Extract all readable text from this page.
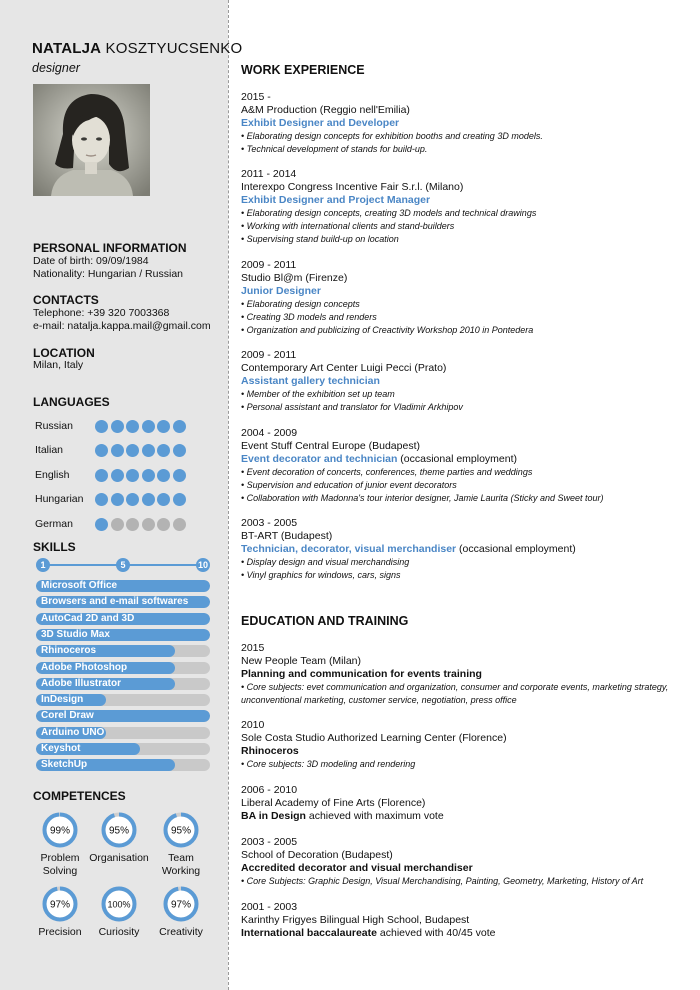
NATALJA KOSZTYUCSENKO
designer
PERSONAL INFORMATION
Date of birth: 09/09/1984
Nationality: Hungarian / Russian
CONTACTS
Telephone: +39 320 7003368
e-mail: natalja.kappa.mail@gmail.com
LOCATION
Milan, Italy
LANGUAGES
Russian
Italian
English
Hungarian
German
SKILLS
1	5	10
Microsoft Office
Browsers and e-mail softwares
AutoCad 2D and 3D
3D Studio Max
Rhinoceros
Adobe Photoshop
Adobe Illustrator
InDesign
Corel Draw
Arduino UNO
Keyshot
SketchUp
COMPETENCES
99%
Problem
Solving
95%
Organisation
95%
Team
Working
97%
Precision
100%
Curiosity
97%
Creativity
WORK EXPERIENCE
2015 -
A&M Production (Reggio nell'Emilia)
Exhibit Designer and Developer
• Elaborating design concepts for exhibition booths and creating 3D models.
• Technical development of stands for build-up.
2011 - 2014
Interexpo Congress Incentive Fair S.r.l. (Milano)
Exhibit Designer and Project Manager
• Elaborating design concepts, creating 3D models and technical drawings
• Working with international clients and stand-builders
• Supervising stand build-up on location
2009 - 2011
Studio Bl@m (Firenze)
Junior Designer
• Elaborating design concepts
• Creating 3D models and renders
• Organization and publicizing of Creactivity Workshop 2010 in Pontedera
2009 - 2011
Contemporary Art Center Luigi Pecci (Prato)
Assistant gallery technician
• Member of the exhibition set up team
• Personal assistant and translator for Vladimir Arkhipov
2004 - 2009
Event Stuff Central Europe (Budapest)
Event decorator and technician (occasional employment)
• Event decoration of concerts, conferences, theme parties and weddings
• Supervision and education of junior event decorators
• Collaboration with Madonna's tour interior designer, Jamie Laurita (Sticky and Sweet tour)
2003 - 2005
BT-ART (Budapest)
Technician, decorator, visual merchandiser (occasional employment)
• Display design and visual merchandising
• Vinyl graphics for windows, cars, signs
EDUCATION AND TRAINING
2015
New People Team (Milan)
Planning and communication for events training
• Core subjects: evet communication and organization, consumer and corporate events, marketing strategy, unconventional marketing, customer service, negotiation, press office
2010
Sole Costa Studio Authorized Learning Center (Florence)
Rhinoceros
• Core subjects: 3D modeling and rendering
2006 - 2010
Liberal Academy of Fine Arts (Florence)
BA in Design achieved with maximum vote
2003 - 2005
School of Decoration (Budapest)
Accredited decorator and visual merchandiser
• Core Subjects: Graphic Design, Visual Merchandising, Painting, Geometry, Marketing, History of Art
2001 - 2003
Karinthy Frigyes Bilingual High School, Budapest
International baccalaureate achieved with 40/45 vote
